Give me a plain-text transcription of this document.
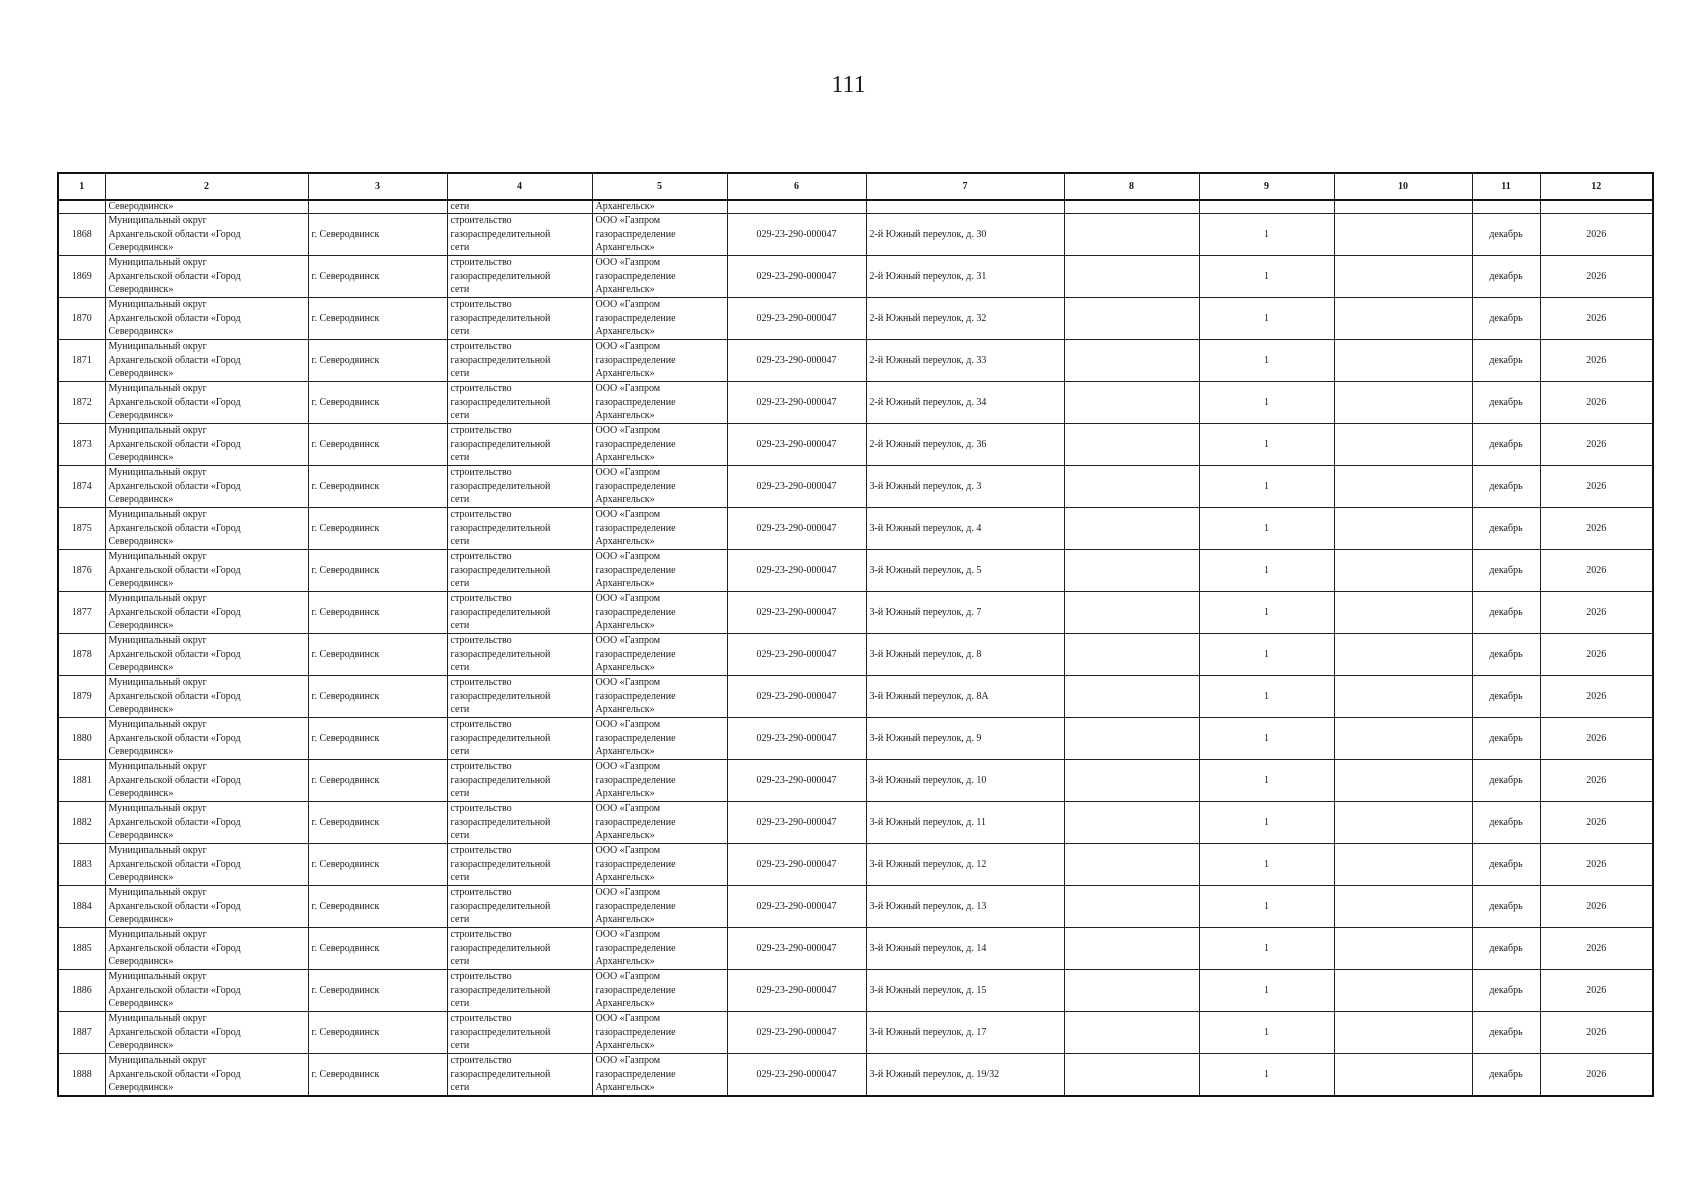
111
1	2	3	4	5	6	7	8	9	10	11	12
	Северодвинск»		сети	Архангельск»							
1868	Муниципальный округ
Архангельской области «Город
Северодвинск»	г. Северодвинск	строительство
газораспределительной
сети	ООО «Газпром
газораспределение
Архангельск»	029-23-290-000047	2-й Южный переулок, д. 30		1		декабрь	2026
1869	Муниципальный округ
Архангельской области «Город
Северодвинск»	г. Северодвинск	строительство
газораспределительной
сети	ООО «Газпром
газораспределение
Архангельск»	029-23-290-000047	2-й Южный переулок, д. 31		1		декабрь	2026
1870	Муниципальный округ
Архангельской области «Город
Северодвинск»	г. Северодвинск	строительство
газораспределительной
сети	ООО «Газпром
газораспределение
Архангельск»	029-23-290-000047	2-й Южный переулок, д. 32		1		декабрь	2026
1871	Муниципальный округ
Архангельской области «Город
Северодвинск»	г. Северодвинск	строительство
газораспределительной
сети	ООО «Газпром
газораспределение
Архангельск»	029-23-290-000047	2-й Южный переулок, д. 33		1		декабрь	2026
1872	Муниципальный округ
Архангельской области «Город
Северодвинск»	г. Северодвинск	строительство
газораспределительной
сети	ООО «Газпром
газораспределение
Архангельск»	029-23-290-000047	2-й Южный переулок, д. 34		1		декабрь	2026
1873	Муниципальный округ
Архангельской области «Город
Северодвинск»	г. Северодвинск	строительство
газораспределительной
сети	ООО «Газпром
газораспределение
Архангельск»	029-23-290-000047	2-й Южный переулок, д. 36		1		декабрь	2026
1874	Муниципальный округ
Архангельской области «Город
Северодвинск»	г. Северодвинск	строительство
газораспределительной
сети	ООО «Газпром
газораспределение
Архангельск»	029-23-290-000047	3-й Южный переулок, д. 3		1		декабрь	2026
1875	Муниципальный округ
Архангельской области «Город
Северодвинск»	г. Северодвинск	строительство
газораспределительной
сети	ООО «Газпром
газораспределение
Архангельск»	029-23-290-000047	3-й Южный переулок, д. 4		1		декабрь	2026
1876	Муниципальный округ
Архангельской области «Город
Северодвинск»	г. Северодвинск	строительство
газораспределительной
сети	ООО «Газпром
газораспределение
Архангельск»	029-23-290-000047	3-й Южный переулок, д. 5		1		декабрь	2026
1877	Муниципальный округ
Архангельской области «Город
Северодвинск»	г. Северодвинск	строительство
газораспределительной
сети	ООО «Газпром
газораспределение
Архангельск»	029-23-290-000047	3-й Южный переулок, д. 7		1		декабрь	2026
1878	Муниципальный округ
Архангельской области «Город
Северодвинск»	г. Северодвинск	строительство
газораспределительной
сети	ООО «Газпром
газораспределение
Архангельск»	029-23-290-000047	3-й Южный переулок, д. 8		1		декабрь	2026
1879	Муниципальный округ
Архангельской области «Город
Северодвинск»	г. Северодвинск	строительство
газораспределительной
сети	ООО «Газпром
газораспределение
Архангельск»	029-23-290-000047	3-й Южный переулок, д. 8А		1		декабрь	2026
1880	Муниципальный округ
Архангельской области «Город
Северодвинск»	г. Северодвинск	строительство
газораспределительной
сети	ООО «Газпром
газораспределение
Архангельск»	029-23-290-000047	3-й Южный переулок, д. 9		1		декабрь	2026
1881	Муниципальный округ
Архангельской области «Город
Северодвинск»	г. Северодвинск	строительство
газораспределительной
сети	ООО «Газпром
газораспределение
Архангельск»	029-23-290-000047	3-й Южный переулок, д. 10		1		декабрь	2026
1882	Муниципальный округ
Архангельской области «Город
Северодвинск»	г. Северодвинск	строительство
газораспределительной
сети	ООО «Газпром
газораспределение
Архангельск»	029-23-290-000047	3-й Южный переулок, д. 11		1		декабрь	2026
1883	Муниципальный округ
Архангельской области «Город
Северодвинск»	г. Северодвинск	строительство
газораспределительной
сети	ООО «Газпром
газораспределение
Архангельск»	029-23-290-000047	3-й Южный переулок, д. 12		1		декабрь	2026
1884	Муниципальный округ
Архангельской области «Город
Северодвинск»	г. Северодвинск	строительство
газораспределительной
сети	ООО «Газпром
газораспределение
Архангельск»	029-23-290-000047	3-й Южный переулок, д. 13		1		декабрь	2026
1885	Муниципальный округ
Архангельской области «Город
Северодвинск»	г. Северодвинск	строительство
газораспределительной
сети	ООО «Газпром
газораспределение
Архангельск»	029-23-290-000047	3-й Южный переулок, д. 14		1		декабрь	2026
1886	Муниципальный округ
Архангельской области «Город
Северодвинск»	г. Северодвинск	строительство
газораспределительной
сети	ООО «Газпром
газораспределение
Архангельск»	029-23-290-000047	3-й Южный переулок, д. 15		1		декабрь	2026
1887	Муниципальный округ
Архангельской области «Город
Северодвинск»	г. Северодвинск	строительство
газораспределительной
сети	ООО «Газпром
газораспределение
Архангельск»	029-23-290-000047	3-й Южный переулок, д. 17		1		декабрь	2026
1888	Муниципальный округ
Архангельской области «Город
Северодвинск»	г. Северодвинск	строительство
газораспределительной
сети	ООО «Газпром
газораспределение
Архангельск»	029-23-290-000047	3-й Южный переулок, д. 19/32		1		декабрь	2026
